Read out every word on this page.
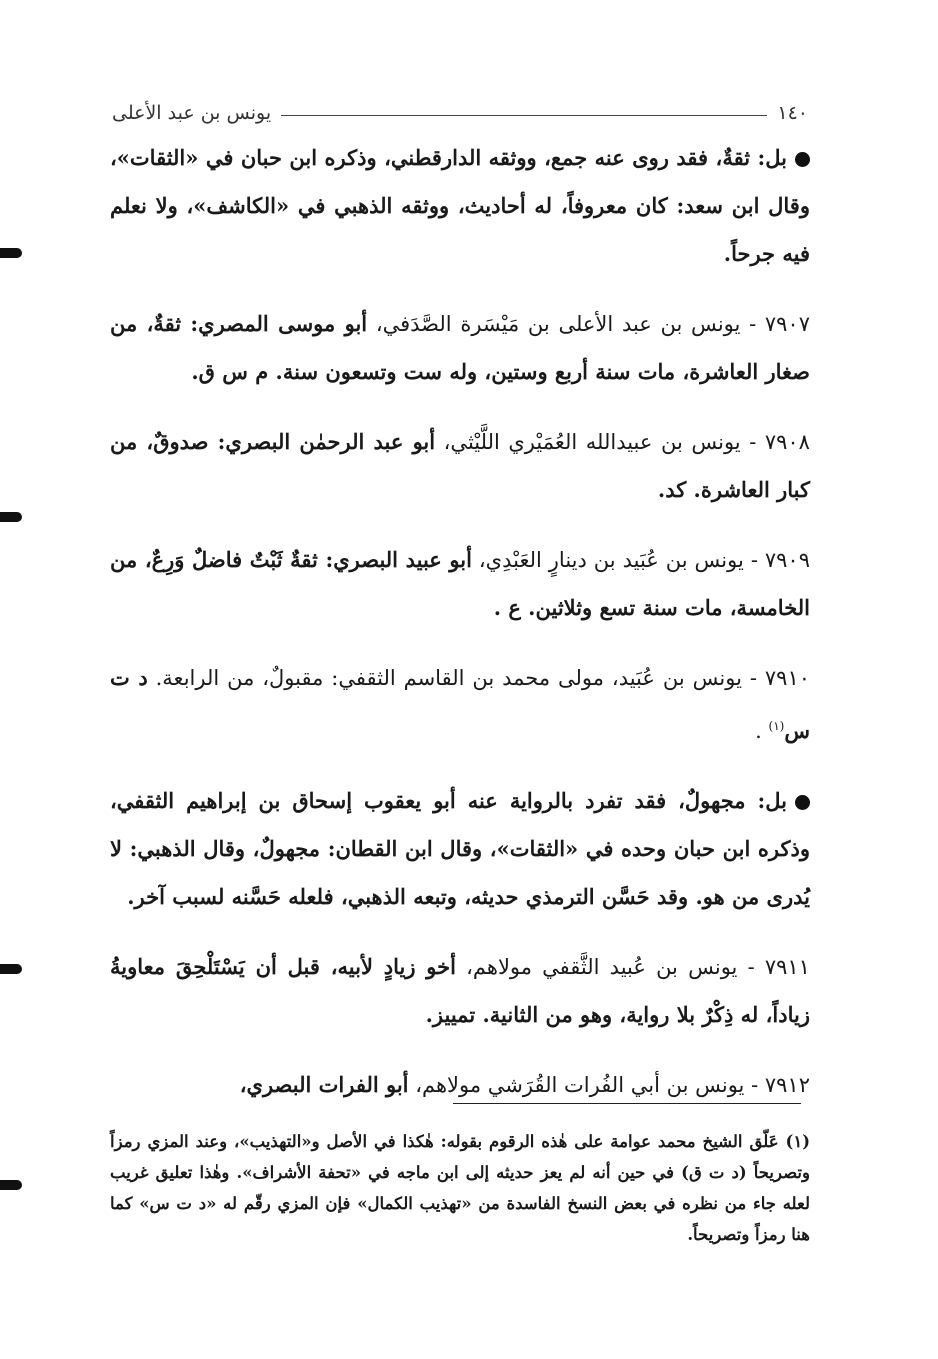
١٤٠
يونس بن عبد الأعلى

بل: ثقةٌ، فقد روى عنه جمع، ووثقه الدارقطني، وذكره ابن حبان في «الثقات»، وقال ابن سعد: كان معروفاً، له أحاديث، ووثقه الذهبي في «الكاشف»، ولا نعلم فيه جرحاً.

٧٩٠٧ - يونس بن عبد الأعلى بن مَيْسَرة الصَّدَفي، أبو موسى المصري: ثقةٌ، من صغار العاشرة، مات سنة أربع وستين، وله ست وتسعون سنة. م س ق.

٧٩٠٨ - يونس بن عبيدالله العُمَيْري اللَّيْثي، أبو عبد الرحمٰن البصري: صدوقٌ، من كبار العاشرة. كد.

٧٩٠٩ - يونس بن عُبَيد بن دينارٍ العَبْدِي، أبو عبيد البصري: ثقةٌ ثَبْتٌ فاضلٌ وَرِعٌ، من الخامسة، مات سنة تسع وثلاثين. ع .

٧٩١٠ - يونس بن عُبَيد، مولى محمد بن القاسم الثقفي: مقبولٌ، من الرابعة. د ت س$^{(١)}$ .

بل: مجهولٌ، فقد تفرد بالرواية عنه أبو يعقوب إسحاق بن إبراهيم الثقفي، وذكره ابن حبان وحده في «الثقات»، وقال ابن القطان: مجهولٌ، وقال الذهبي: لا يُدرى من هو. وقد حَسَّن الترمذي حديثه، وتبعه الذهبي، فلعله حَسَّنه لسبب آخر.

٧٩١١ - يونس بن عُبيد الثَّقفي مولاهم، أخو زيادٍ لأبيه، قبل أن يَسْتَلْحِقَ معاويةُ زياداً، له ذِكْرٌ بلا رواية، وهو من الثانية. تمييز.

٧٩١٢ - يونس بن أبي الفُرات القُرَشي مولاهم، أبو الفرات البصري،

(١) عَلّق الشيخ محمد عوامة على هٰذه الرقوم بقوله: هٰكذا في الأصل و«التهذيب»، وعند المزي رمزاً وتصريحاً (د ت ق) في حين أنه لم يعز حديثه إلى ابن ماجه في «تحفة الأشراف». وهٰذا تعليق غريب لعله جاء من نظره في بعض النسخ الفاسدة من «تهذيب الكمال» فإن المزي رقّم له «د ت س» كما هنا رمزاً وتصريحاً.
